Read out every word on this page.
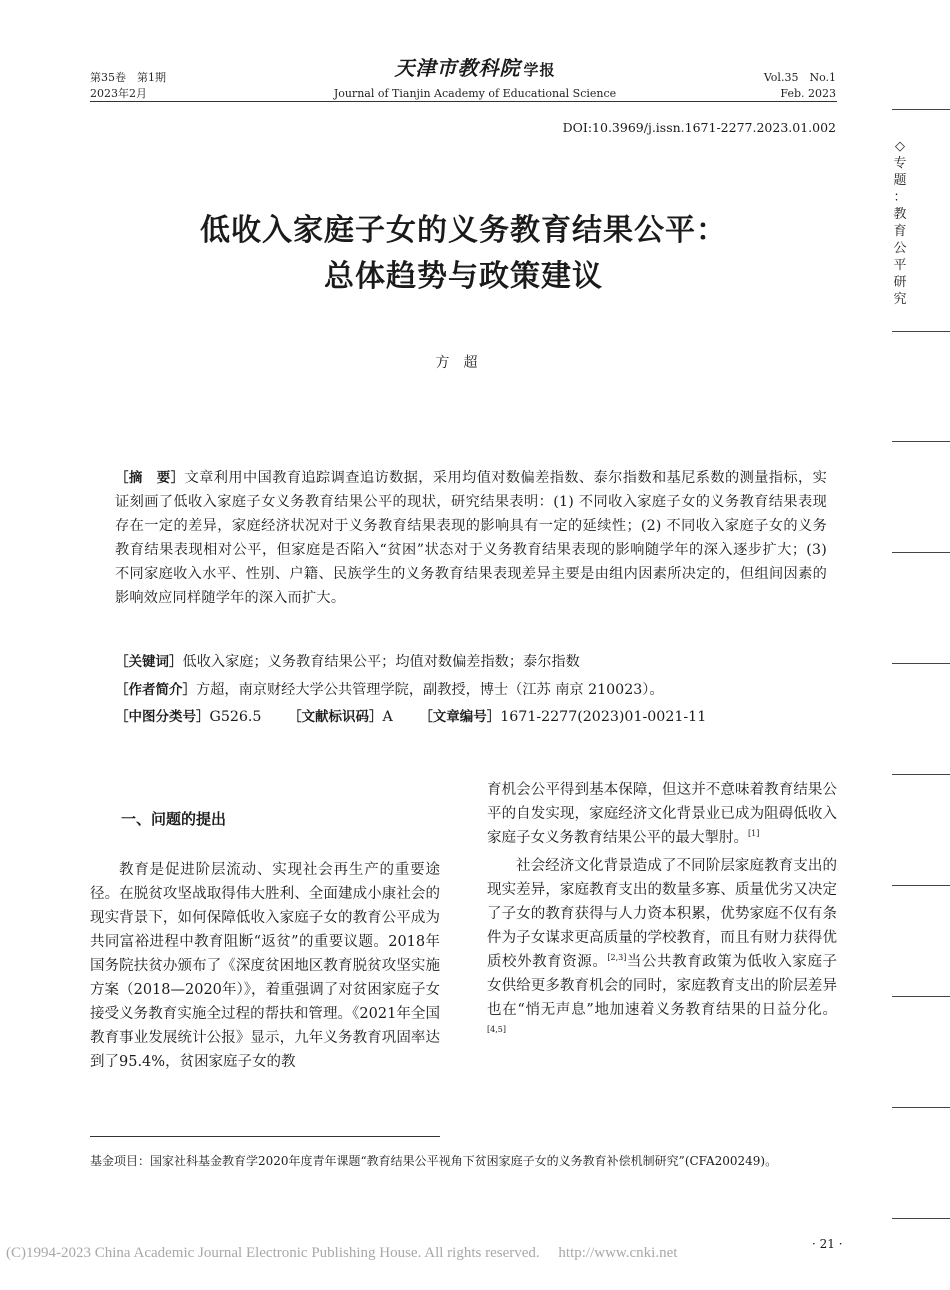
第35卷　第1期
2023年2月
天津市教科院 学报
Journal of Tianjin Academy of Educational Science
Vol.35　No.1
Feb. 2023
DOI:10.3969/j.issn.1671-2277.2023.01.002
◇
专
题
：
教
育
公
平
研
究
低收入家庭子女的义务教育结果公平：
总体趋势与政策建议
方超
［摘　要］文章利用中国教育追踪调查追访数据，采用均值对数偏差指数、泰尔指数和基尼系数的测量指标，实证刻画了低收入家庭子女义务教育结果公平的现状，研究结果表明：(1) 不同收入家庭子女的义务教育结果表现存在一定的差异，家庭经济状况对于义务教育结果表现的影响具有一定的延续性；(2) 不同收入家庭子女的义务教育结果表现相对公平，但家庭是否陷入“贫困”状态对于义务教育结果表现的影响随学年的深入逐步扩大；(3) 不同家庭收入水平、性别、户籍、民族学生的义务教育结果表现差异主要是由组内因素所决定的，但组间因素的影响效应同样随学年的深入而扩大。
［关键词］低收入家庭；义务教育结果公平；均值对数偏差指数；泰尔指数
［作者简介］方超，南京财经大学公共管理学院，副教授，博士（江苏 南京 210023）。
［中图分类号］G526.5 ［文献标识码］A ［文章编号］1671-2277(2023)01-0021-11
一、问题的提出

教育是促进阶层流动、实现社会再生产的重要途径。在脱贫攻坚战取得伟大胜利、全面建成小康社会的现实背景下，如何保障低收入家庭子女的教育公平成为共同富裕进程中教育阻断“返贫”的重要议题。2018年国务院扶贫办颁布了《深度贫困地区教育脱贫攻坚实施方案（2018—2020年）》，着重强调了对贫困家庭子女接受义务教育实施全过程的帮扶和管理。《2021年全国教育事业发展统计公报》显示，九年义务教育巩固率达到了95.4%，贫困家庭子女的教

育机会公平得到基本保障，但这并不意味着教育结果公平的自发实现，家庭经济文化背景业已成为阻碍低收入家庭子女义务教育结果公平的最大掣肘。[1]

社会经济文化背景造成了不同阶层家庭教育支出的现实差异，家庭教育支出的数量多寡、质量优劣又决定了子女的教育获得与人力资本积累，优势家庭不仅有条件为子女谋求更高质量的学校教育，而且有财力获得优质校外教育资源。[2,3]当公共教育政策为低收入家庭子女供给更多教育机会的同时，家庭教育支出的阶层差异也在“悄无声息”地加速着义务教育结果的日益分化。[4,5]

基金项目：国家社科基金教育学2020年度青年课题“教育结果公平视角下贫困家庭子女的义务教育补偿机制研究”(CFA200249)。
(C)1994-2023 China Academic Journal Electronic Publishing House. All rights reserved.　 http://www.cnki.net
· 21 ·
